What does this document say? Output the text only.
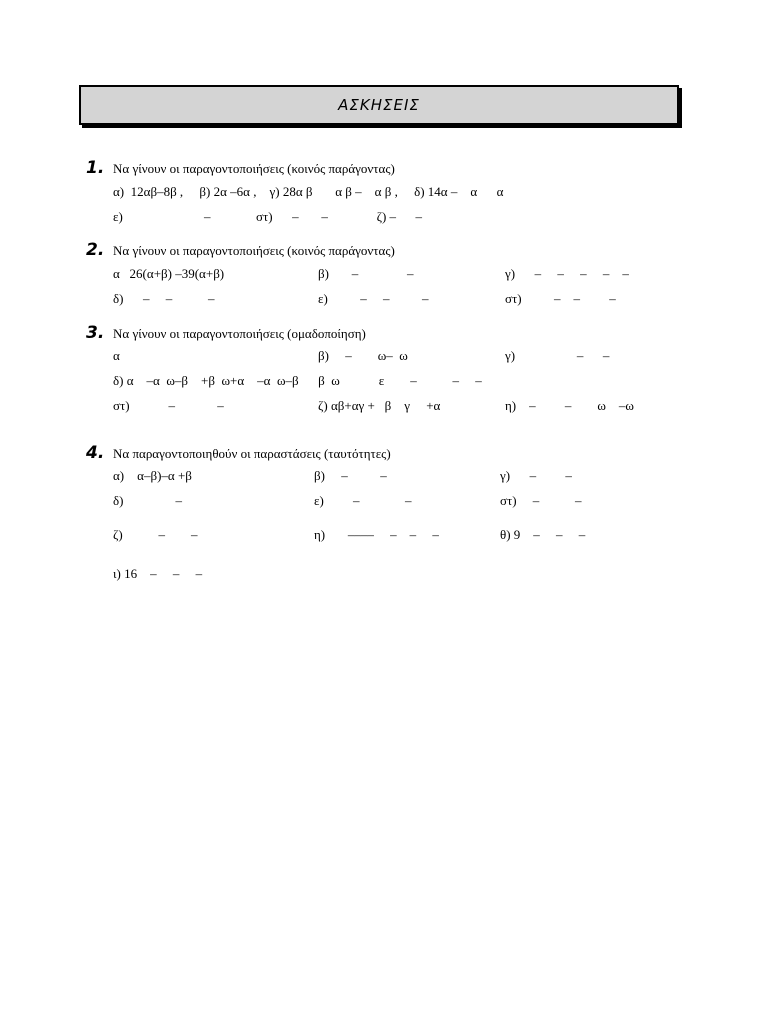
ΑΣΚΗΣΕΙΣ
1. Να γίνουν οι παραγοντοποιήσεις (κοινός παράγοντας)
α)  12αβ–8β ,     β) 2α –6α ,    γ) 28α β       α β –    α β ,     δ) 14α –    α      α
ε)                         –              στ)      –       –               ζ) –      –
2. Να γίνουν οι παραγοντοποιήσεις (κοινός παράγοντας)
α   26(α+β) –39(α+β)	β)       –               –	γ)      –     –     –     –    –
δ)      –     –           –	ε)          –     –          –	στ)          –    –         –
3. Να γίνουν οι παραγοντοποιήσεις (ομαδοποίηση)
α	β)     –        ω–  ω	γ)                   –      –
δ) α    –α  ω–β    +β  ω+α    –α  ω–β      β  ω            ε        –           –     –
στ)            –             –	ζ) αβ+αγ +   β    γ     +α	η)    –         –        ω    –ω
4. Να παραγοντοποιηθούν οι παραστάσεις (ταυτότητες)
α)    α–β)–α +β	β)     –          –	γ)      –         –
δ)                –	ε)         –              –	στ)     –           –
ζ)           –        –	η)       ––––     –    –     –	θ) 9    –     –     –
ι) 16    –     –     –
